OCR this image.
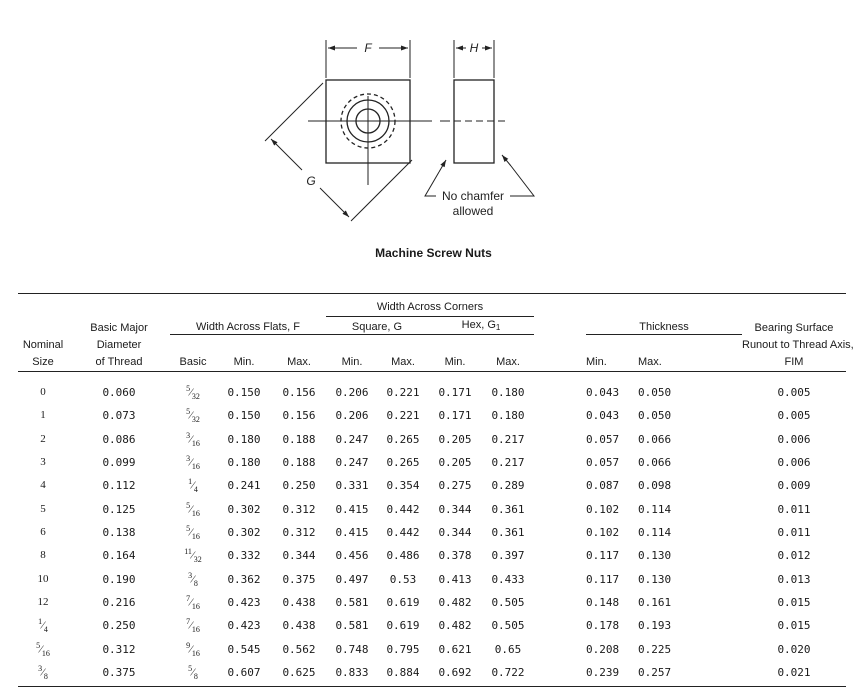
F	H
G
No chamfer
allowed
Machine Screw Nuts
					Width Across Corners							
	Basic Major	Width Across Flats, F			Square, G		Hex, $G_1$			Thickness		Bearing Surface
Nominal	Diameter											Runout to Thread Axis,
Size	of Thread	Basic	Min.	Max.	Min.	Max.	Min.	Max.		Min.	Max.	FIM
0	0.060	$^5⁄_{32}$	0.150	0.156	0.206	0.221	0.171	0.180		0.043	0.050	0.005
1	0.073	$^5⁄_{32}$	0.150	0.156	0.206	0.221	0.171	0.180		0.043	0.050	0.005
2	0.086	$^3⁄_{16}$	0.180	0.188	0.247	0.265	0.205	0.217		0.057	0.066	0.006
3	0.099	$^3⁄_{16}$	0.180	0.188	0.247	0.265	0.205	0.217		0.057	0.066	0.006
4	0.112	$^1⁄_4$	0.241	0.250	0.331	0.354	0.275	0.289		0.087	0.098	0.009
5	0.125	$^5⁄_{16}$	0.302	0.312	0.415	0.442	0.344	0.361		0.102	0.114	0.011
6	0.138	$^5⁄_{16}$	0.302	0.312	0.415	0.442	0.344	0.361		0.102	0.114	0.011
8	0.164	$^{11}⁄_{32}$	0.332	0.344	0.456	0.486	0.378	0.397		0.117	0.130	0.012
10	0.190	$^3⁄_8$	0.362	0.375	0.497	0.53	0.413	0.433		0.117	0.130	0.013
12	0.216	$^7⁄_{16}$	0.423	0.438	0.581	0.619	0.482	0.505		0.148	0.161	0.015
$^1⁄_4$	0.250	$^7⁄_{16}$	0.423	0.438	0.581	0.619	0.482	0.505		0.178	0.193	0.015
$^5⁄_{16}$	0.312	$^9⁄_{16}$	0.545	0.562	0.748	0.795	0.621	0.65		0.208	0.225	0.020
$^3⁄_8$	0.375	$^5⁄_8$	0.607	0.625	0.833	0.884	0.692	0.722		0.239	0.257	0.021
